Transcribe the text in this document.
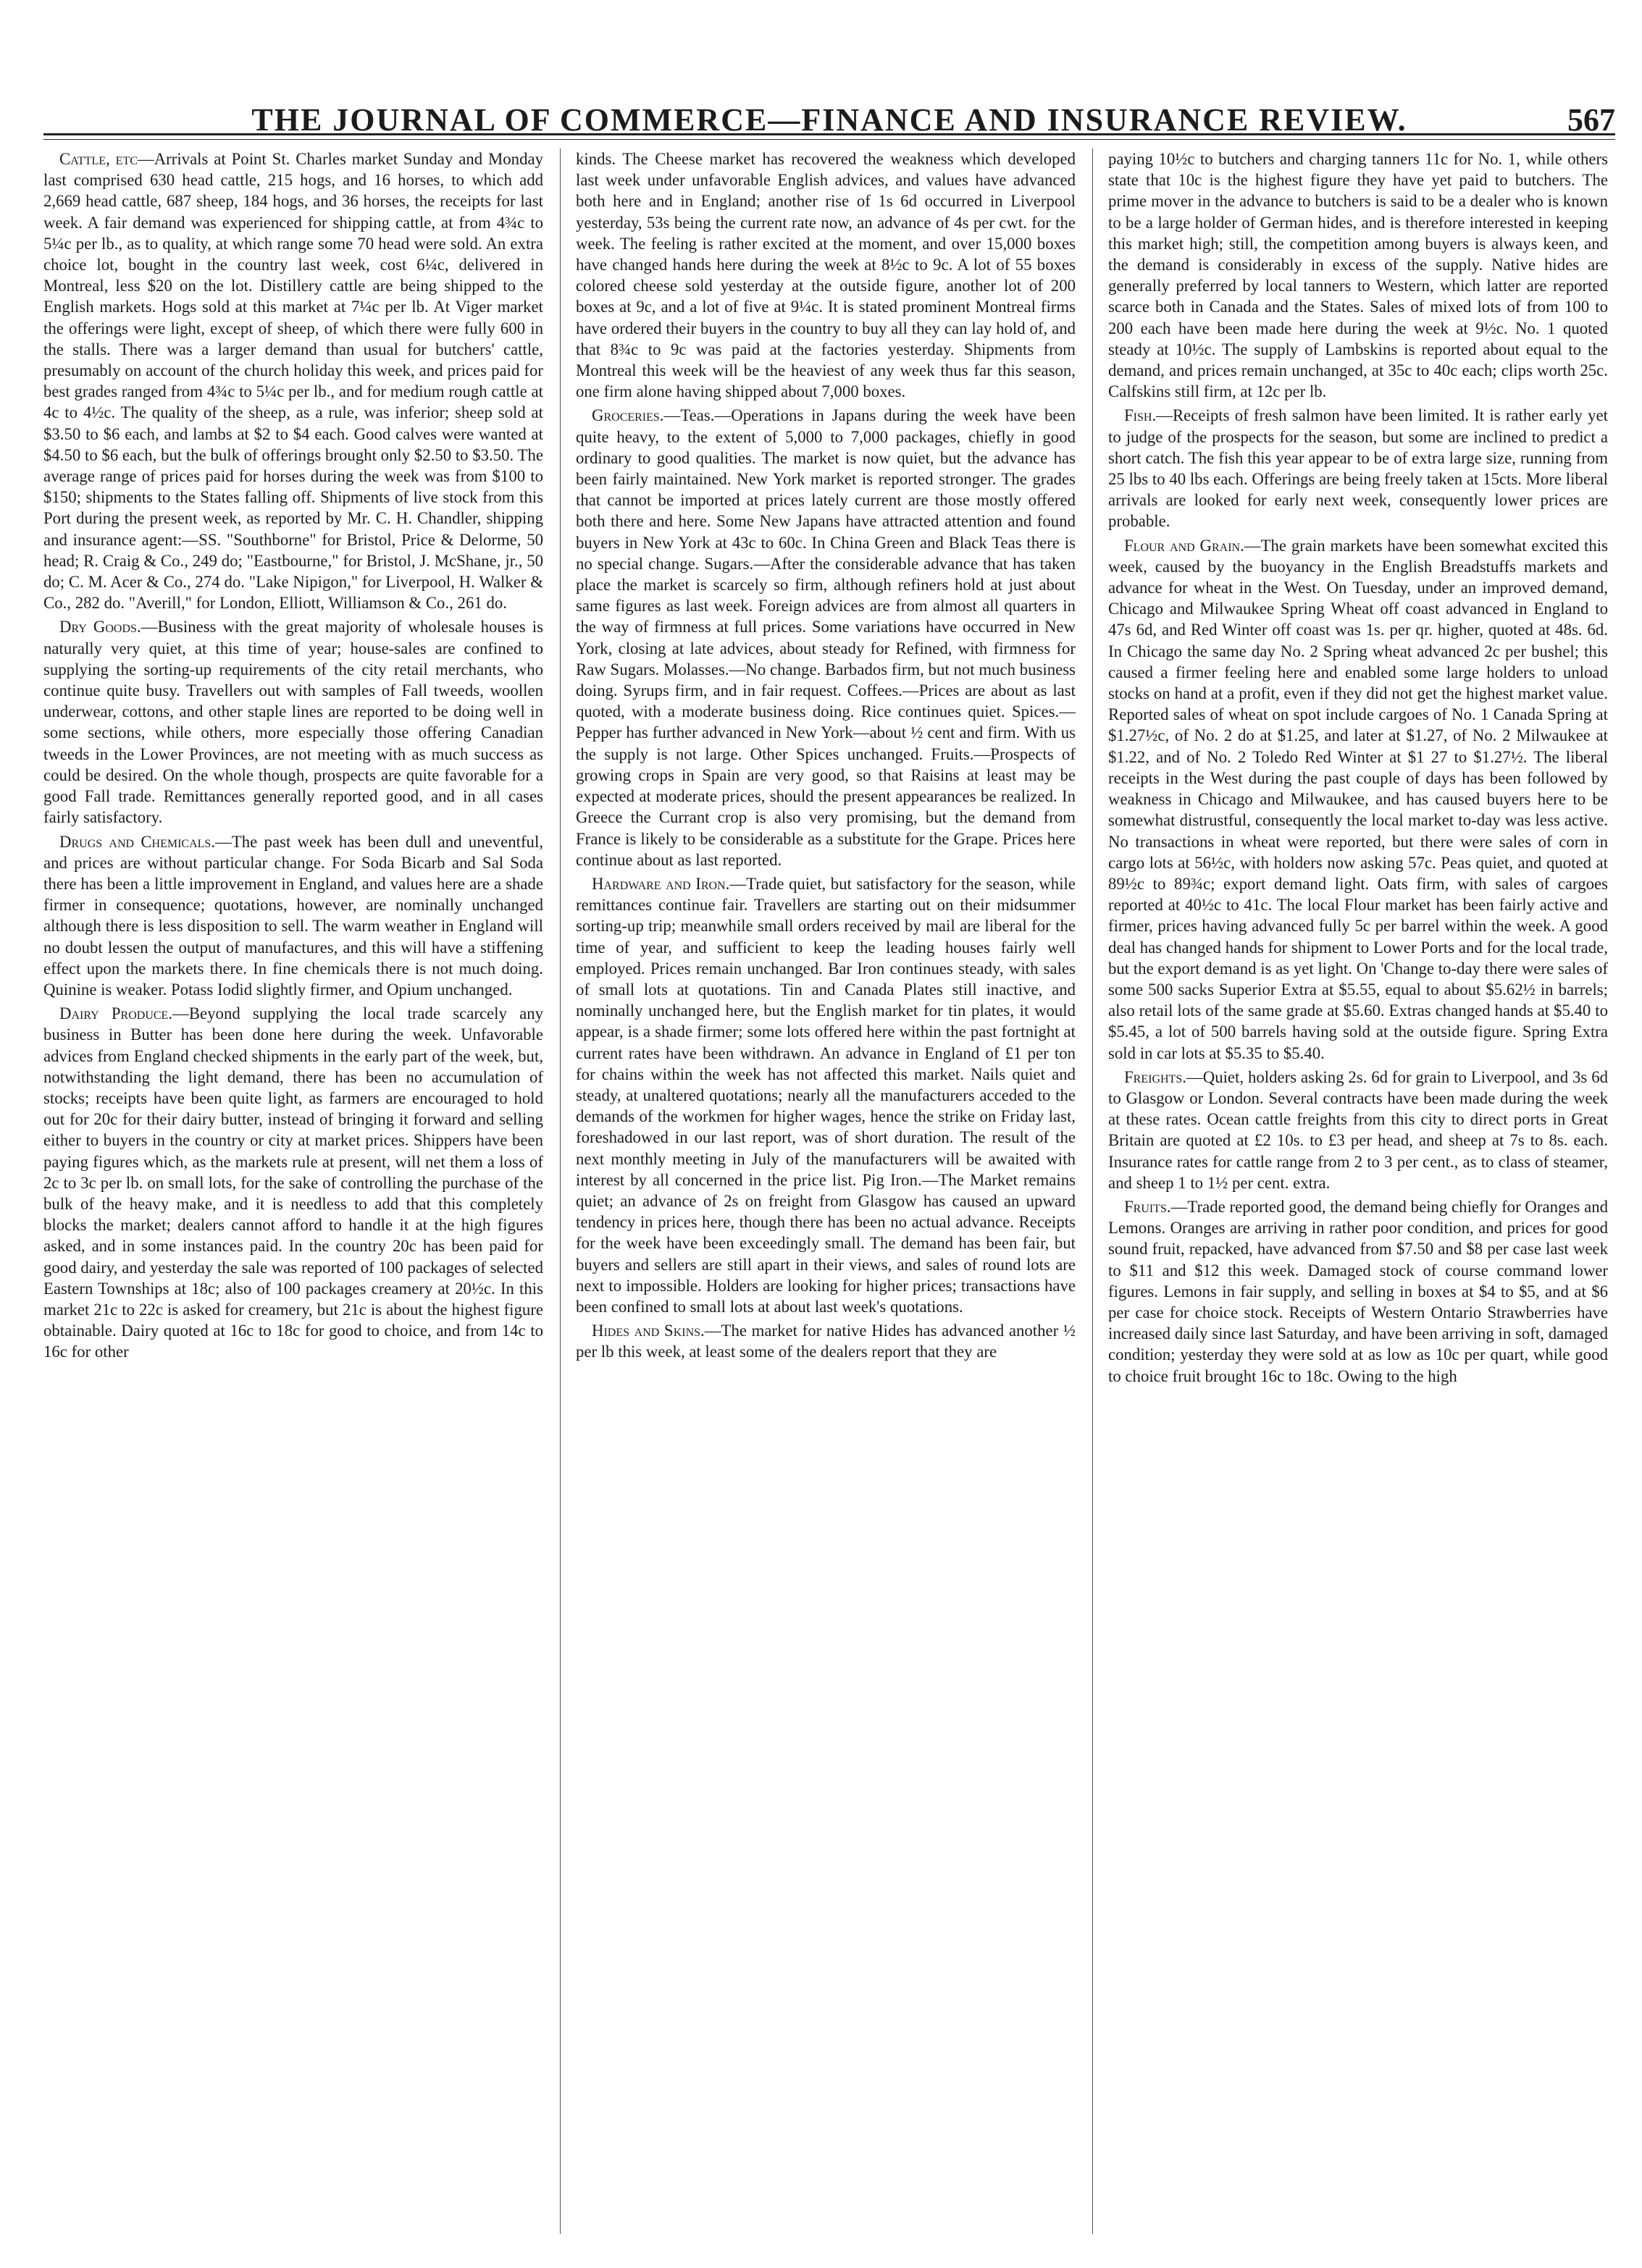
THE JOURNAL OF COMMERCE—FINANCE AND INSURANCE REVIEW.	567

Cattle, etc—Arrivals at Point St. Charles market Sunday and Monday last comprised 630 head cattle, 215 hogs, and 16 horses, to which add 2,669 head cattle, 687 sheep, 184 hogs, and 36 horses, the receipts for last week. A fair demand was experienced for shipping cattle, at from 4¾c to 5¼c per lb., as to quality, at which range some 70 head were sold. An extra choice lot, bought in the country last week, cost 6¼c, delivered in Montreal, less $20 on the lot. Distillery cattle are being shipped to the English markets. Hogs sold at this market at 7¼c per lb. At Viger market the offerings were light, except of sheep, of which there were fully 600 in the stalls. There was a larger demand than usual for butchers' cattle, presumably on account of the church holiday this week, and prices paid for best grades ranged from 4¾c to 5¼c per lb., and for medium rough cattle at 4c to 4½c. The quality of the sheep, as a rule, was inferior; sheep sold at $3.50 to $6 each, and lambs at $2 to $4 each. Good calves were wanted at $4.50 to $6 each, but the bulk of offerings brought only $2.50 to $3.50. The average range of prices paid for horses during the week was from $100 to $150; shipments to the States falling off. Shipments of live stock from this Port during the present week, as reported by Mr. C. H. Chandler, shipping and insurance agent:—SS. "Southborne" for Bristol, Price & Delorme, 50 head; R. Craig & Co., 249 do; "Eastbourne," for Bristol, J. McShane, jr., 50 do; C. M. Acer & Co., 274 do. "Lake Nipigon," for Liverpool, H. Walker & Co., 282 do. "Averill," for London, Elliott, Williamson & Co., 261 do.

Dry Goods.—Business with the great majority of wholesale houses is naturally very quiet, at this time of year; house-sales are confined to supplying the sorting-up requirements of the city retail merchants, who continue quite busy. Travellers out with samples of Fall tweeds, woollen underwear, cottons, and other staple lines are reported to be doing well in some sections, while others, more especially those offering Canadian tweeds in the Lower Provinces, are not meeting with as much success as could be desired. On the whole though, prospects are quite favorable for a good Fall trade. Remittances generally reported good, and in all cases fairly satisfactory.

Drugs and Chemicals.—The past week has been dull and uneventful, and prices are without particular change. For Soda Bicarb and Sal Soda there has been a little improvement in England, and values here are a shade firmer in consequence; quotations, however, are nominally unchanged although there is less disposition to sell. The warm weather in England will no doubt lessen the output of manufactures, and this will have a stiffening effect upon the markets there. In fine chemicals there is not much doing. Quinine is weaker. Potass Iodid slightly firmer, and Opium unchanged.

Dairy Produce.—Beyond supplying the local trade scarcely any business in Butter has been done here during the week. Unfavorable advices from England checked shipments in the early part of the week, but, notwithstanding the light demand, there has been no accumulation of stocks; receipts have been quite light, as farmers are encouraged to hold out for 20c for their dairy butter, instead of bringing it forward and selling either to buyers in the country or city at market prices. Shippers have been paying figures which, as the markets rule at present, will net them a loss of 2c to 3c per lb. on small lots, for the sake of controlling the purchase of the bulk of the heavy make, and it is needless to add that this completely blocks the market; dealers cannot afford to handle it at the high figures asked, and in some instances paid. In the country 20c has been paid for good dairy, and yesterday the sale was reported of 100 packages of selected Eastern Townships at 18c; also of 100 packages creamery at 20½c. In this market 21c to 22c is asked for creamery, but 21c is about the highest figure obtainable. Dairy quoted at 16c to 18c for good to choice, and from 14c to 16c for other

kinds. The Cheese market has recovered the weakness which developed last week under unfavorable English advices, and values have advanced both here and in England; another rise of 1s 6d occurred in Liverpool yesterday, 53s being the current rate now, an advance of 4s per cwt. for the week. The feeling is rather excited at the moment, and over 15,000 boxes have changed hands here during the week at 8½c to 9c. A lot of 55 boxes colored cheese sold yesterday at the outside figure, another lot of 200 boxes at 9c, and a lot of five at 9¼c. It is stated prominent Montreal firms have ordered their buyers in the country to buy all they can lay hold of, and that 8¾c to 9c was paid at the factories yesterday. Shipments from Montreal this week will be the heaviest of any week thus far this season, one firm alone having shipped about 7,000 boxes.

Groceries.—Teas.—Operations in Japans during the week have been quite heavy, to the extent of 5,000 to 7,000 packages, chiefly in good ordinary to good qualities. The market is now quiet, but the advance has been fairly maintained. New York market is reported stronger. The grades that cannot be imported at prices lately current are those mostly offered both there and here. Some New Japans have attracted attention and found buyers in New York at 43c to 60c. In China Green and Black Teas there is no special change. Sugars.—After the considerable advance that has taken place the market is scarcely so firm, although refiners hold at just about same figures as last week. Foreign advices are from almost all quarters in the way of firmness at full prices. Some variations have occurred in New York, closing at late advices, about steady for Refined, with firmness for Raw Sugars. Molasses.—No change. Barbados firm, but not much business doing. Syrups firm, and in fair request. Coffees.—Prices are about as last quoted, with a moderate business doing. Rice continues quiet. Spices.—Pepper has further advanced in New York—about ½ cent and firm. With us the supply is not large. Other Spices unchanged. Fruits.—Prospects of growing crops in Spain are very good, so that Raisins at least may be expected at moderate prices, should the present appearances be realized. In Greece the Currant crop is also very promising, but the demand from France is likely to be considerable as a substitute for the Grape. Prices here continue about as last reported.

Hardware and Iron.—Trade quiet, but satisfactory for the season, while remittances continue fair. Travellers are starting out on their midsummer sorting-up trip; meanwhile small orders received by mail are liberal for the time of year, and sufficient to keep the leading houses fairly well employed. Prices remain unchanged. Bar Iron continues steady, with sales of small lots at quotations. Tin and Canada Plates still inactive, and nominally unchanged here, but the English market for tin plates, it would appear, is a shade firmer; some lots offered here within the past fortnight at current rates have been withdrawn. An advance in England of £1 per ton for chains within the week has not affected this market. Nails quiet and steady, at unaltered quotations; nearly all the manufacturers acceded to the demands of the workmen for higher wages, hence the strike on Friday last, foreshadowed in our last report, was of short duration. The result of the next monthly meeting in July of the manufacturers will be awaited with interest by all concerned in the price list. Pig Iron.—The Market remains quiet; an advance of 2s on freight from Glasgow has caused an upward tendency in prices here, though there has been no actual advance. Receipts for the week have been exceedingly small. The demand has been fair, but buyers and sellers are still apart in their views, and sales of round lots are next to impossible. Holders are looking for higher prices; transactions have been confined to small lots at about last week's quotations.

Hides and Skins.—The market for native Hides has advanced another ½ per lb this week, at least some of the dealers report that they are

paying 10½c to butchers and charging tanners 11c for No. 1, while others state that 10c is the highest figure they have yet paid to butchers. The prime mover in the advance to butchers is said to be a dealer who is known to be a large holder of German hides, and is therefore interested in keeping this market high; still, the competition among buyers is always keen, and the demand is considerably in excess of the supply. Native hides are generally preferred by local tanners to Western, which latter are reported scarce both in Canada and the States. Sales of mixed lots of from 100 to 200 each have been made here during the week at 9½c. No. 1 quoted steady at 10½c. The supply of Lambskins is reported about equal to the demand, and prices remain unchanged, at 35c to 40c each; clips worth 25c. Calfskins still firm, at 12c per lb.

Fish.—Receipts of fresh salmon have been limited. It is rather early yet to judge of the prospects for the season, but some are inclined to predict a short catch. The fish this year appear to be of extra large size, running from 25 lbs to 40 lbs each. Offerings are being freely taken at 15cts. More liberal arrivals are looked for early next week, consequently lower prices are probable.

Flour and Grain.—The grain markets have been somewhat excited this week, caused by the buoyancy in the English Breadstuffs markets and advance for wheat in the West. On Tuesday, under an improved demand, Chicago and Milwaukee Spring Wheat off coast advanced in England to 47s 6d, and Red Winter off coast was 1s. per qr. higher, quoted at 48s. 6d. In Chicago the same day No. 2 Spring wheat advanced 2c per bushel; this caused a firmer feeling here and enabled some large holders to unload stocks on hand at a profit, even if they did not get the highest market value. Reported sales of wheat on spot include cargoes of No. 1 Canada Spring at $1.27½c, of No. 2 do at $1.25, and later at $1.27, of No. 2 Milwaukee at $1.22, and of No. 2 Toledo Red Winter at $1 27 to $1.27½. The liberal receipts in the West during the past couple of days has been followed by weakness in Chicago and Milwaukee, and has caused buyers here to be somewhat distrustful, consequently the local market to-day was less active. No transactions in wheat were reported, but there were sales of corn in cargo lots at 56½c, with holders now asking 57c. Peas quiet, and quoted at 89½c to 89¾c; export demand light. Oats firm, with sales of cargoes reported at 40½c to 41c. The local Flour market has been fairly active and firmer, prices having advanced fully 5c per barrel within the week. A good deal has changed hands for shipment to Lower Ports and for the local trade, but the export demand is as yet light. On 'Change to-day there were sales of some 500 sacks Superior Extra at $5.55, equal to about $5.62½ in barrels; also retail lots of the same grade at $5.60. Extras changed hands at $5.40 to $5.45, a lot of 500 barrels having sold at the outside figure. Spring Extra sold in car lots at $5.35 to $5.40.

Freights.—Quiet, holders asking 2s. 6d for grain to Liverpool, and 3s 6d to Glasgow or London. Several contracts have been made during the week at these rates. Ocean cattle freights from this city to direct ports in Great Britain are quoted at £2 10s. to £3 per head, and sheep at 7s to 8s. each. Insurance rates for cattle range from 2 to 3 per cent., as to class of steamer, and sheep 1 to 1½ per cent. extra.

Fruits.—Trade reported good, the demand being chiefly for Oranges and Lemons. Oranges are arriving in rather poor condition, and prices for good sound fruit, repacked, have advanced from $7.50 and $8 per case last week to $11 and $12 this week. Damaged stock of course command lower figures. Lemons in fair supply, and selling in boxes at $4 to $5, and at $6 per case for choice stock. Receipts of Western Ontario Strawberries have increased daily since last Saturday, and have been arriving in soft, damaged condition; yesterday they were sold at as low as 10c per quart, while good to choice fruit brought 16c to 18c. Owing to the high
